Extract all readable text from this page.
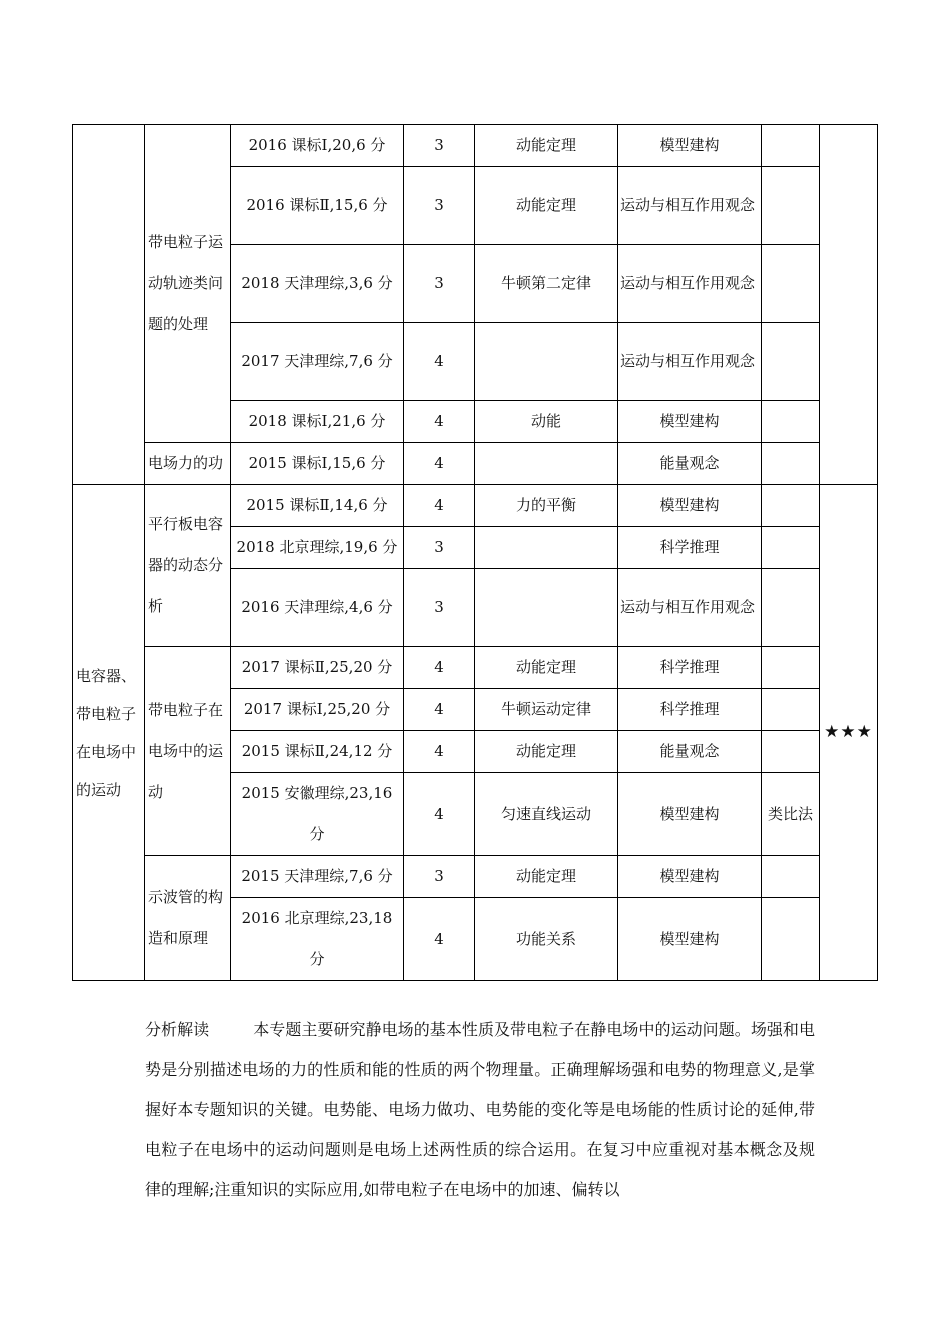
	带电粒子运动轨迹类问题的处理	2016 课标Ⅰ,20,6 分	3	动能定理	模型建构		
		2016 课标Ⅱ,15,6 分	3	动能定理	运动与相互作用观念		
		2018 天津理综,3,6 分	3	牛顿第二定律	运动与相互作用观念		
		2017 天津理综,7,6 分	4		运动与相互作用观念		
		2018 课标Ⅰ,21,6 分	4	动能	模型建构		
	电场力的功	2015 课标Ⅰ,15,6 分	4		能量观念		

电容器、带电粒子在电场中的运动	平行板电容器的动态分析	2015 课标Ⅱ,14,6 分	4	力的平衡	模型建构		★★★
		2018 北京理综,19,6 分	3		科学推理		
		2016 天津理综,4,6 分	3		运动与相互作用观念		
	带电粒子在电场中的运动	2017 课标Ⅱ,25,20 分	4	动能定理	科学推理		
		2017 课标Ⅰ,25,20 分	4	牛顿运动定律	科学推理		
		2015 课标Ⅱ,24,12 分	4	动能定理	能量观念		
		2015 安徽理综,23,16 分	4	匀速直线运动	模型建构	类比法	
	示波管的构造和原理	2015 天津理综,7,6 分	3	动能定理	模型建构		
		2016 北京理综,23,18 分	4	功能关系	模型建构		
分析解读	本专题主要研究静电场的基本性质及带电粒子在静电场中的运动问题。场强和电势是分别描述电场的力的性质和能的性质的两个物理量。正确理解场强和电势的物理意义,是掌握好本专题知识的关键。电势能、电场力做功、电势能的变化等是电场能的性质讨论的延伸,带电粒子在电场中的运动问题则是电场上述两性质的综合运用。在复习中应重视对基本概念及规律的理解;注重知识的实际应用,如带电粒子在电场中的加速、偏转以
